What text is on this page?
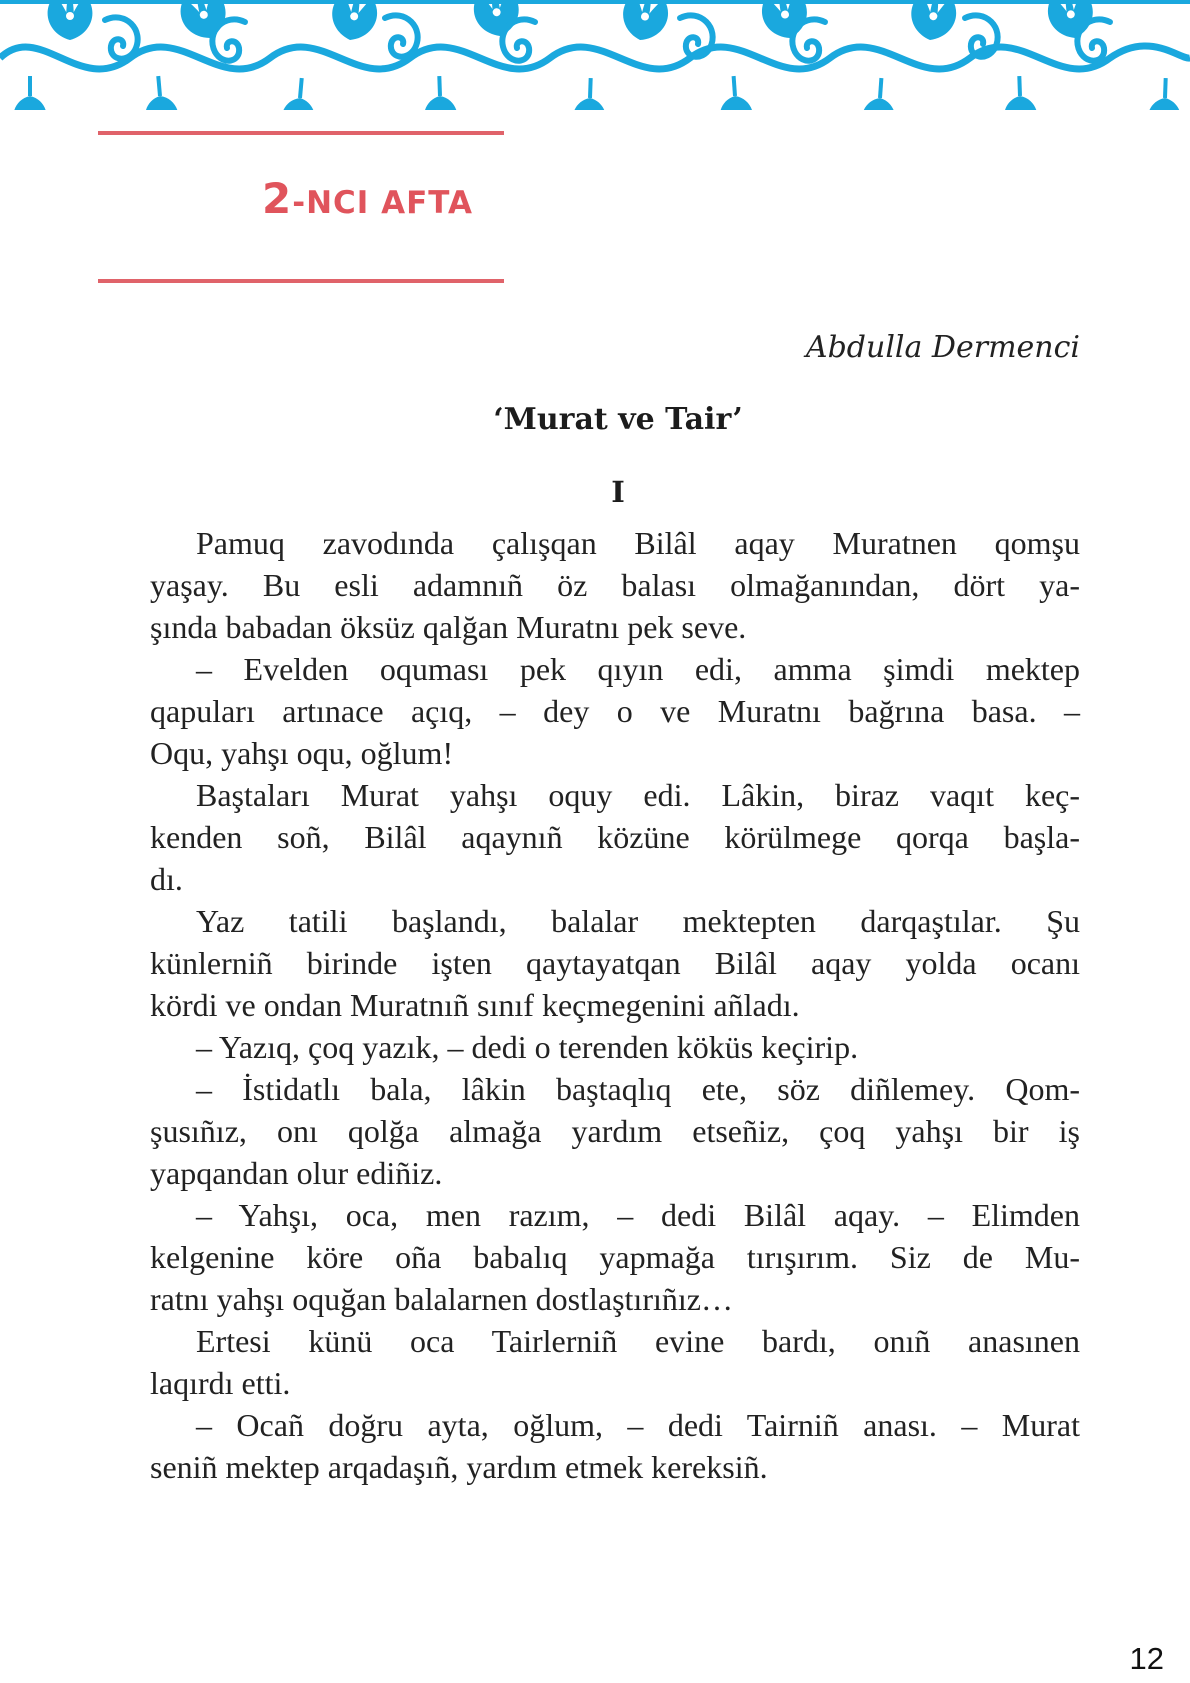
2-NCI AFTA
Abdulla Dermenci
‘Murat ve Tair’
I
Pamuq zavodında çalışqan Bilâl aqay Muratnen qomşu
yaşay. Bu esli adamnıñ öz balası olmağanından, dört ya-
şında babadan öksüz qalğan Muratnı pek seve.
– Evelden oquması pek qıyın edi, amma şimdi mektep
qapuları artınace açıq, – dey o ve Muratnı bağrına basa. –
Oqu, yahşı oqu, oğlum!
Baştaları Murat yahşı oquy edi. Lâkin, biraz vaqıt keç-
kenden soñ, Bilâl aqaynıñ közüne körülmege qorqa başla-
dı.
Yaz tatili başlandı, balalar mektepten darqaştılar. Şu
künlerniñ birinde işten qaytayatqan Bilâl aqay yolda ocanı
kördi ve ondan Muratnıñ sınıf keçmegenini añladı.
– Yazıq, çoq yazık, – dedi o terenden köküs keçirip.
– İstidatlı bala, lâkin baştaqlıq ete, söz diñlemey. Qom-
şusıñız, onı qolğa almağa yardım etseñiz, çoq yahşı bir iş
yapqandan olur ediñiz.
– Yahşı, oca, men razım, – dedi Bilâl aqay. – Elimden
kelgenine köre oña babalıq yapmağa tırışırım. Siz de Mu-
ratnı yahşı oquğan balalarnen dostlaştırıñız…
Ertesi künü oca Tairlerniñ evine bardı, onıñ anasınen
laqırdı etti.
– Ocañ doğru ayta, oğlum, – dedi Tairniñ anası. – Murat
seniñ mektep arqadaşıñ, yardım etmek kereksiñ.
12
